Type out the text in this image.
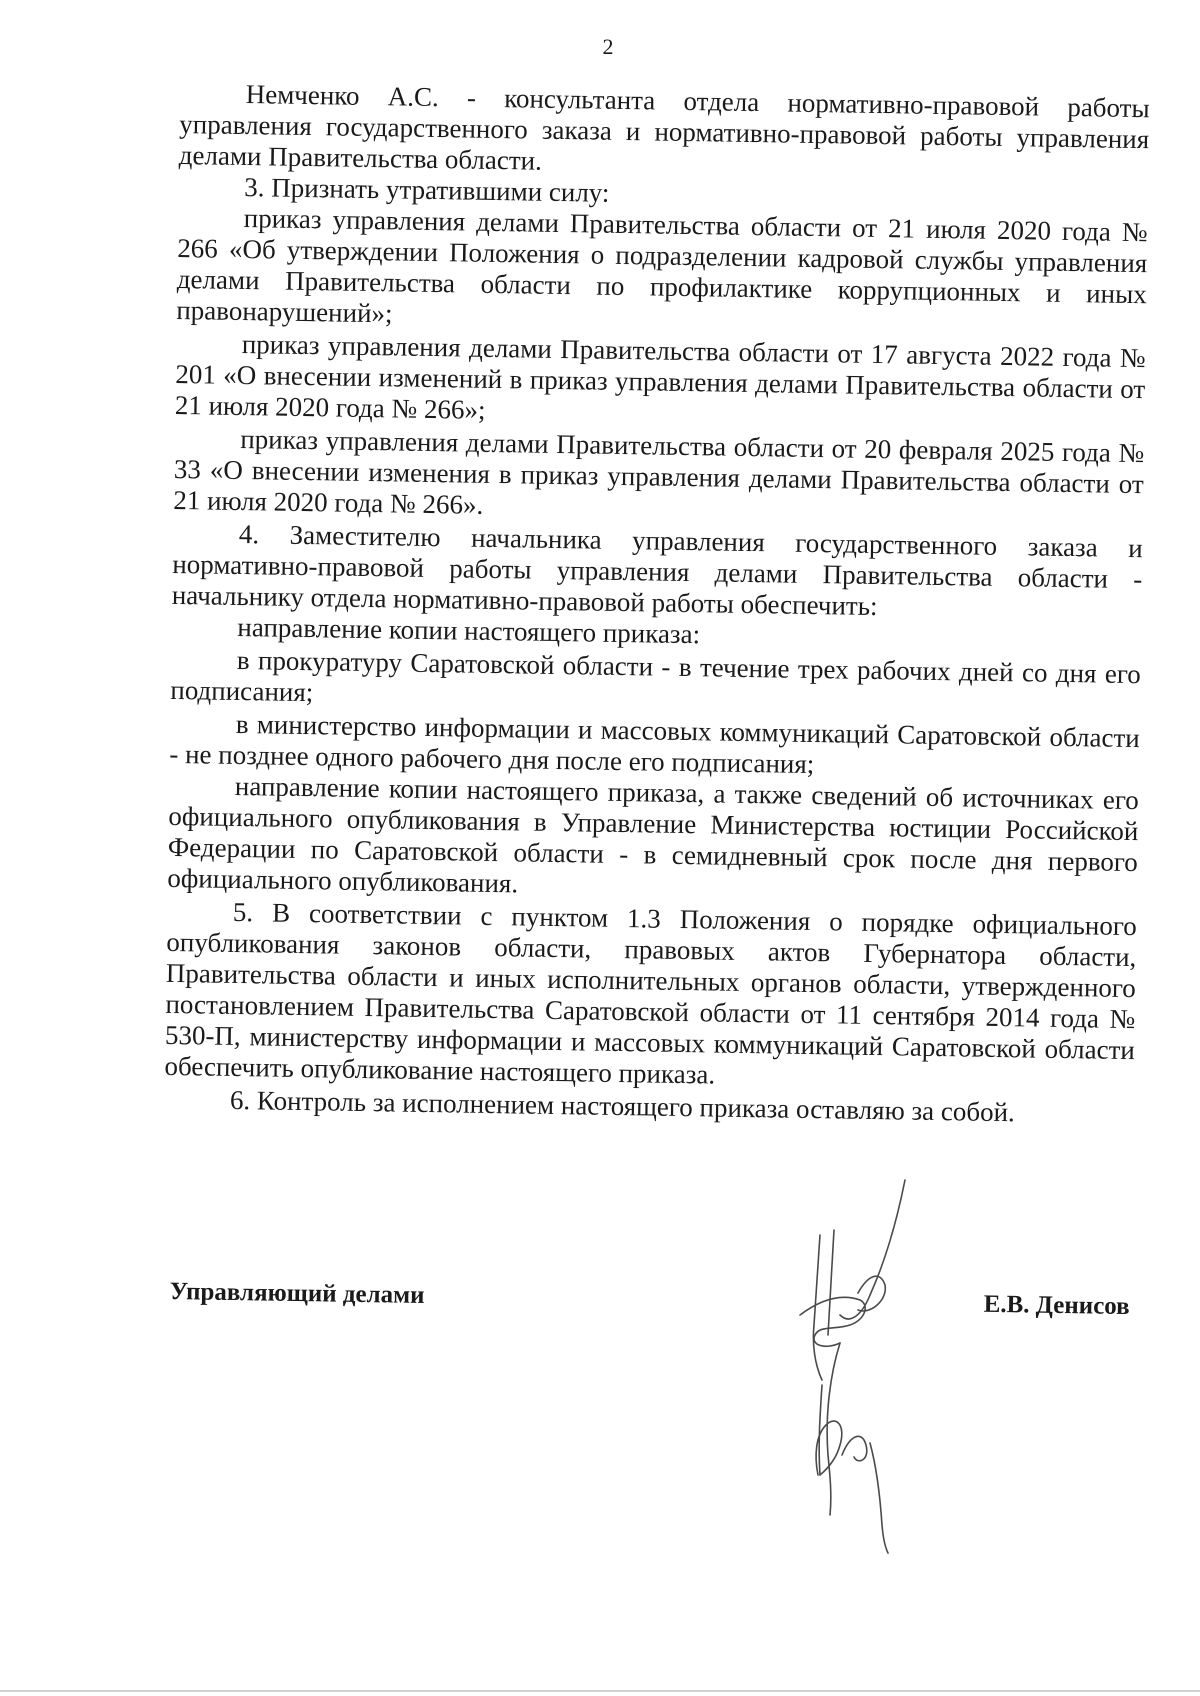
2

Немченко А.С. - консультанта отдела нормативно-правовой работы управления государственного заказа и нормативно-правовой работы управления делами Правительства области.

3. Признать утратившими силу:

приказ управления делами Правительства области от 21 июля 2020 года № 266 «Об утверждении Положения о подразделении кадровой службы управления делами Правительства области по профилактике коррупционных и иных правонарушений»;

приказ управления делами Правительства области от 17 августа 2022 года № 201 «О внесении изменений в приказ управления делами Правительства области от 21 июля 2020 года № 266»;

приказ управления делами Правительства области от 20 февраля 2025 года № 33 «О внесении изменения в приказ управления делами Правительства области от 21 июля 2020 года № 266».

4. Заместителю начальника управления государственного заказа и нормативно-правовой работы управления делами Правительства области - начальнику отдела нормативно-правовой работы обеспечить:

направление копии настоящего приказа:

в прокуратуру Саратовской области - в течение трех рабочих дней со дня его подписания;

в министерство информации и массовых коммуникаций Саратовской области - не позднее одного рабочего дня после его подписания;

направление копии настоящего приказа, а также сведений об источниках его официального опубликования в Управление Министерства юстиции Российской Федерации по Саратовской области - в семидневный срок после дня первого официального опубликования.

5. В соответствии с пунктом 1.3 Положения о порядке официального опубликования законов области, правовых актов Губернатора области, Правительства области и иных исполнительных органов области, утвержденного постановлением Правительства Саратовской области от 11 сентября 2014 года № 530-П, министерству информации и массовых коммуникаций Саратовской области обеспечить опубликование настоящего приказа.

6. Контроль за исполнением настоящего приказа оставляю за собой.

Управляющий делами	Е.В. Денисов
